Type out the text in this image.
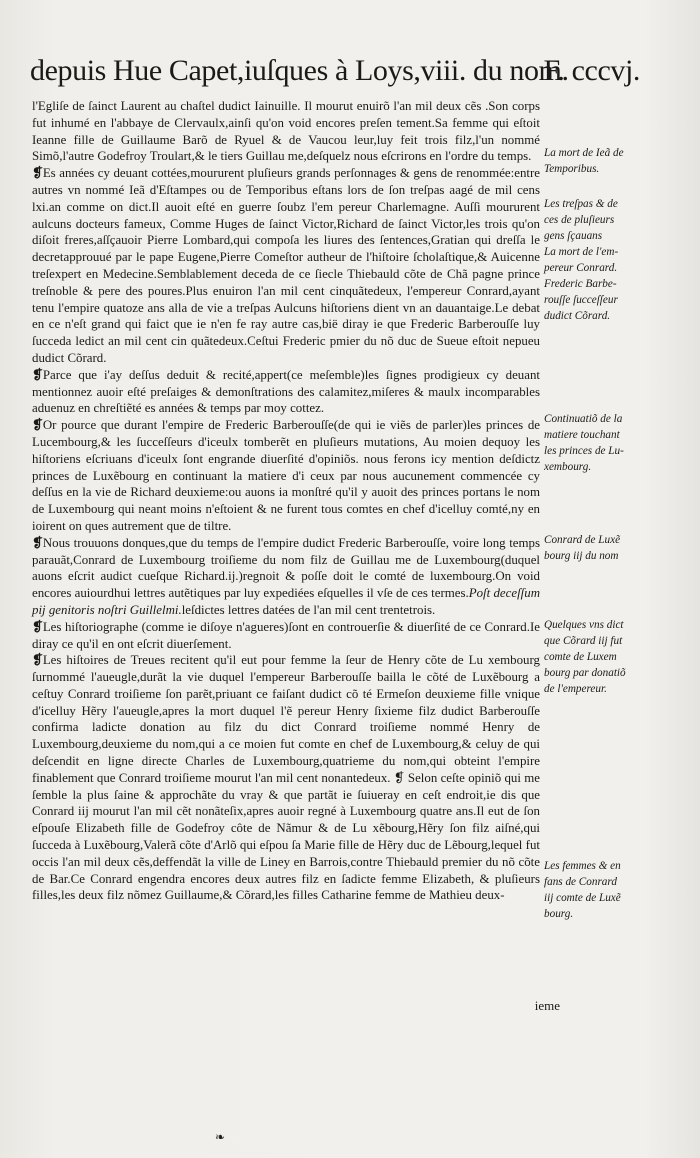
depuis Hue Capet,iuſques à Loys,viii. du nom.
F. cccvj.

l'Egliſe de ſainct Laurent au chaſtel dudict Iainuille. Il mourut enuirõ l'an mil deux cẽs .Son corps fut inhumé en l'abbaye de Clervaulx,ainſi qu'on void encores preſen tement.Sa femme qui eſtoit Ieanne fille de Guillaume Barõ de Ryuel & de Vaucou leur,luy feit trois filz,l'un nommé Simõ,l'autre Godefroy Troulart,& le tiers Guillau me,deſquelz nous eſcrirons en l'ordre du temps.

❡Es années cy deuant cottées,moururent pluſieurs grands perſonnages & gens de renommée:entre autres vn nommé Ieã d'Eſtampes ou de Temporibus eſtans lors de ſon treſpas aagé de mil cens lxi.an comme on dict.Il auoit eſté en guerre ſoubz l'em pereur Charlemagne. Auſſi moururent aulcuns docteurs fameux, Comme Huges de ſainct Victor,Richard de ſainct Victor,les trois qu'on diſoit freres,aſſçauoir Pierre Lombard,qui compoſa les liures des ſentences,Gratian qui dreſſa le decretapprouué par le pape Eugene,Pierre Comeſtor autheur de l'hiſtoire ſcholaſtique,& Auicenne treſexpert en Medecine.Semblablement deceda de ce ſiecle Thiebauld cõte de Chã pagne prince treſnoble & pere des poures.Plus enuiron l'an mil cent cinquãtedeux, l'empereur Conrard,ayant tenu l'empire quatoze ans alla de vie a treſpas Aulcuns hiſtoriens dient vn an dauantaige.Le debat en ce n'eſt grand qui faict que ie n'en fe ray autre cas,bië diray ie que Frederic Barberouſſe luy ſucceda ledict an mil cent cin quãtedeux.Ceſtui Frederic pmier du nõ duc de Sueue eſtoit nepueu dudict Cõrard.

❡Parce que i'ay deſſus deduit & recité,appert(ce meſemble)les ſignes prodigieux cy deuant mentionnez auoir eſté preſaiges & demonſtrations des calamitez,miſeres & maulx incomparables aduenuz en chreſtiẽté es années & temps par moy cottez.

❡Or pource que durant l'empire de Frederic Barberouſſe(de qui ie viẽs de parler)les princes de Lucembourg,& les ſucceſſeurs d'iceulx tomberẽt en pluſieurs mutations, Au moien dequoy les hiſtoriens eſcriuans d'iceulx ſont engrande diuerſité d'opiniõs. nous ferons icy mention deſdictz princes de Luxẽbourg en continuant la matiere d'i ceux par nous aucunement commencée cy deſſus en la vie de Richard deuxieme:ou auons ia monſtré qu'il y auoit des princes portans le nom de Luxembourg qui neant moins n'eſtoient & ne furent tous comtes en chef d'icelluy comté,ny en ioirent on ques autrement que de tiltre.

❡Nous trouuons donques,que du temps de l'empire dudict Frederic Barberouſſe, voire long temps parauãt,Conrard de Luxembourg troiſieme du nom filz de Guillau me de Luxembourg(duquel auons eſcrit audict cueſque Richard.ij.)regnoit & poſſe doit le comté de luxembourg.On void encores auiourdhui lettres autẽtiques par luy expediées eſquelles il vſe de ces termes.Poſt deceſſum pij genitoris noſtri Guillelmi.leſdictes lettres datées de l'an mil cent trentetrois.

❡Les hiſtoriographe (comme ie diſoye n'agueres)ſont en controuerſie & diuerſité de ce Conrard.Ie diray ce qu'il en ont eſcrit diuerſement.

❡Les hiſtoires de Treues recitent qu'il eut pour femme la ſeur de Henry cõte de Lu xembourg ſurnommé l'aueugle,durãt la vie duquel l'empereur Barberouſſe bailla le cõté de Luxẽbourg a ceſtuy Conrard troiſieme ſon parẽt,priuant ce faiſant dudict cõ té Ermeſon deuxieme fille vnique d'icelluy Hẽry l'aueugle,apres la mort duquel l'ẽ pereur Henry ſixieme filz dudict Barberouſſe confirma ladicte donation au filz du dict Conrard troiſieme nommé Henry de Luxembourg,deuxieme du nom,qui a ce moien fut comte en chef de Luxembourg,& celuy de qui deſcendit en ligne directe Charles de Luxembourg,quatrieme du nom,qui obteint l'empire finablement que Conrard troiſieme mourut l'an mil cent nonantedeux. ❡ Selon ceſte opiniõ qui me ſemble la plus ſaine & approchãte du vray & que partãt ie ſuiueray en ceſt endroit,ie dis que Conrard iij mourut l'an mil cẽt nonãteſix,apres auoir regné à Luxembourg quatre ans.Il eut de ſon eſpouſe Elizabeth fille de Godefroy côte de Nãmur & de Lu xẽbourg,Hẽry ſon filz aiſné,qui ſucceda à Luxẽbourg,Valerã cõte d'Arlõ qui eſpou ſa Marie fille de Hẽry duc de Lẽbourg,lequel fut occis l'an mil deux cẽs,deffendãt la ville de Liney en Barrois,contre Thiebauld premier du nõ cõte de Bar.Ce Conrard engendra encores deux autres filz en ſadicte femme Elizabeth, & pluſieurs filles,les deux filz nõmez Guillaume,& Cõrard,les filles Catharine femme de Mathieu deux-

ieme
La mort de Ieã de
Temporibus.
Les treſpas & de
ces de pluſieurs
gens ſçauans
La mort de l'em-
pereur Conrard.
Frederic Barbe-
rouſſe ſucceſſeur
dudict Cõrard.
Continuatiõ de la
matiere touchant
les princes de Lu-
xembourg.
Conrard de Luxẽ
bourg iij du nom
Quelques vns dict
que Cõrard iij fut
comte de Luxem
bourg par donatiõ
de l'empereur.
Les femmes & en
fans de Conrard
iij comte de Luxẽ
bourg.
❧
